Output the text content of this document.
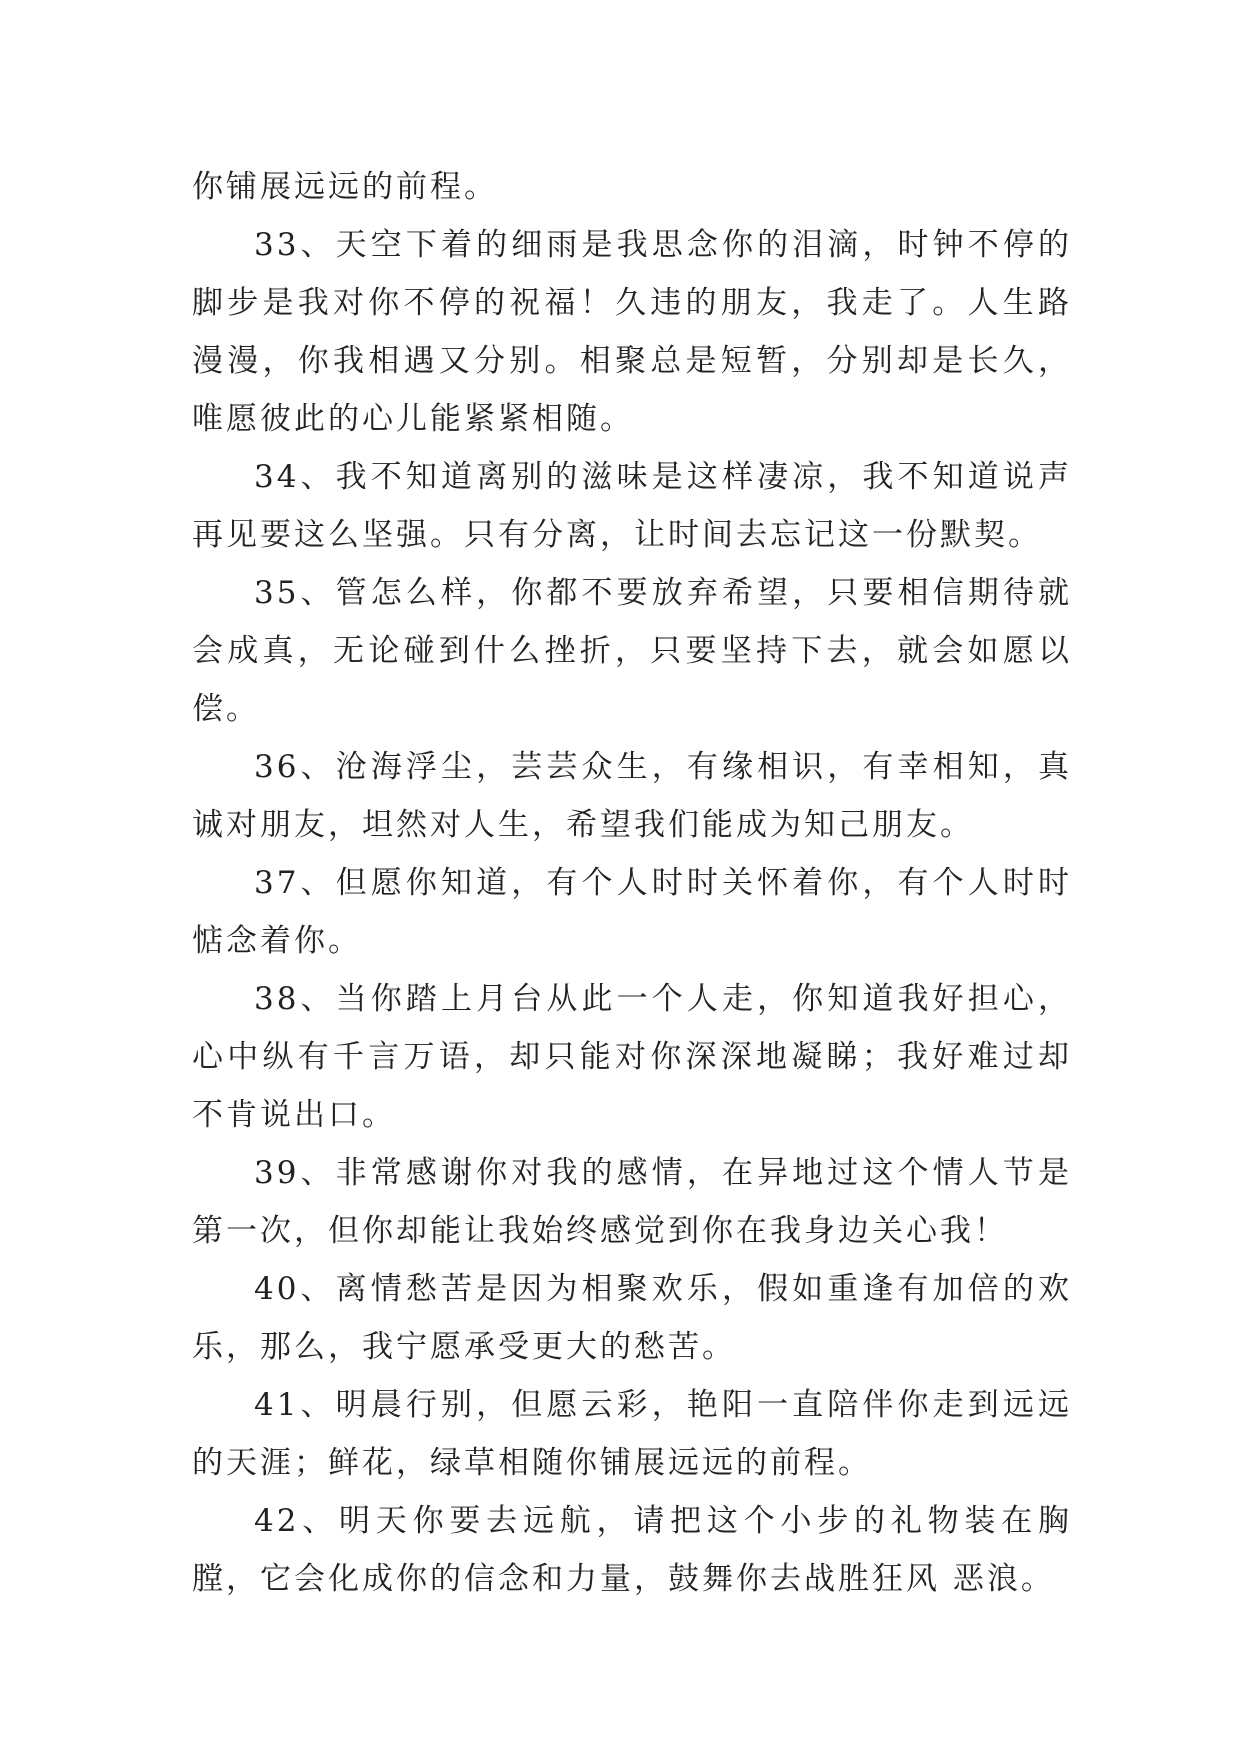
你铺展远远的前程。

33、天空下着的细雨是我思念你的泪滴，时钟不停的脚步是我对你不停的祝福！久违的朋友，我走了。人生路漫漫，你我相遇又分别。相聚总是短暂，分别却是长久，唯愿彼此的心儿能紧紧相随。

34、我不知道离别的滋味是这样凄凉，我不知道说声再见要这么坚强。只有分离，让时间去忘记这一份默契。

35、管怎么样，你都不要放弃希望，只要相信期待就会成真，无论碰到什么挫折，只要坚持下去，就会如愿以偿。

36、沧海浮尘，芸芸众生，有缘相识，有幸相知，真诚对朋友，坦然对人生，希望我们能成为知己朋友。

37、但愿你知道，有个人时时关怀着你，有个人时时惦念着你。

38、当你踏上月台从此一个人走，你知道我好担心，心中纵有千言万语，却只能对你深深地凝睇；我好难过却不肯说出口。

39、非常感谢你对我的感情，在异地过这个情人节是第一次，但你却能让我始终感觉到你在我身边关心我！

40、离情愁苦是因为相聚欢乐，假如重逢有加倍的欢乐，那么，我宁愿承受更大的愁苦。

41、明晨行别，但愿云彩，艳阳一直陪伴你走到远远的天涯；鲜花，绿草相随你铺展远远的前程。

42、明天你要去远航，请把这个小步的礼物装在胸膛，它会化成你的信念和力量，鼓舞你去战胜狂风 恶浪。
